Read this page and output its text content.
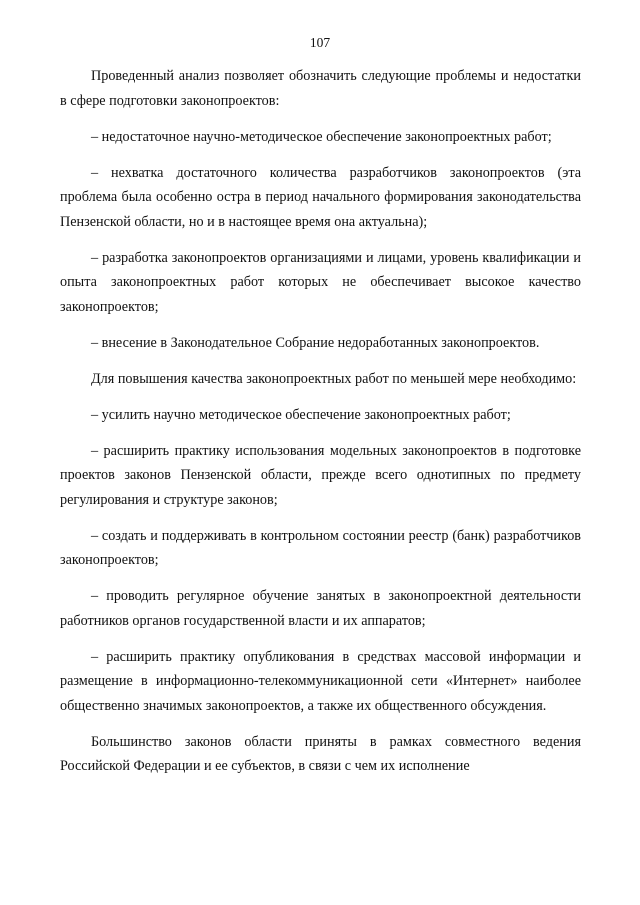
107

Проведенный анализ позволяет обозначить следующие проблемы и недостатки в сфере подготовки законопроектов:

– недостаточное научно-методическое обеспечение законопроектных работ;

– нехватка достаточного количества разработчиков законопроектов (эта проблема была особенно остра в период начального формирования законодательства Пензенской области, но и в настоящее время она актуальна);

– разработка законопроектов организациями и лицами, уровень квалификации и опыта законопроектных работ которых не обеспечивает высокое качество законопроектов;

– внесение в Законодательное Собрание недоработанных законопроектов.

Для повышения качества законопроектных работ по меньшей мере необходимо:

– усилить научно методическое обеспечение законопроектных работ;

– расширить практику использования модельных законопроектов в подготовке проектов законов Пензенской области, прежде всего однотипных по предмету регулирования и структуре законов;

– создать и поддерживать в контрольном состоянии реестр (банк) разработчиков законопроектов;

– проводить регулярное обучение занятых в законопроектной деятельности работников органов государственной власти и их аппаратов;

– расширить практику опубликования в средствах массовой информации и размещение в информационно-телекоммуникационной сети «Интернет» наиболее общественно значимых законопроектов, а также их общественного обсуждения.

Большинство законов области приняты в рамках совместного ведения Российской Федерации и ее субъектов, в связи с чем их исполнение
